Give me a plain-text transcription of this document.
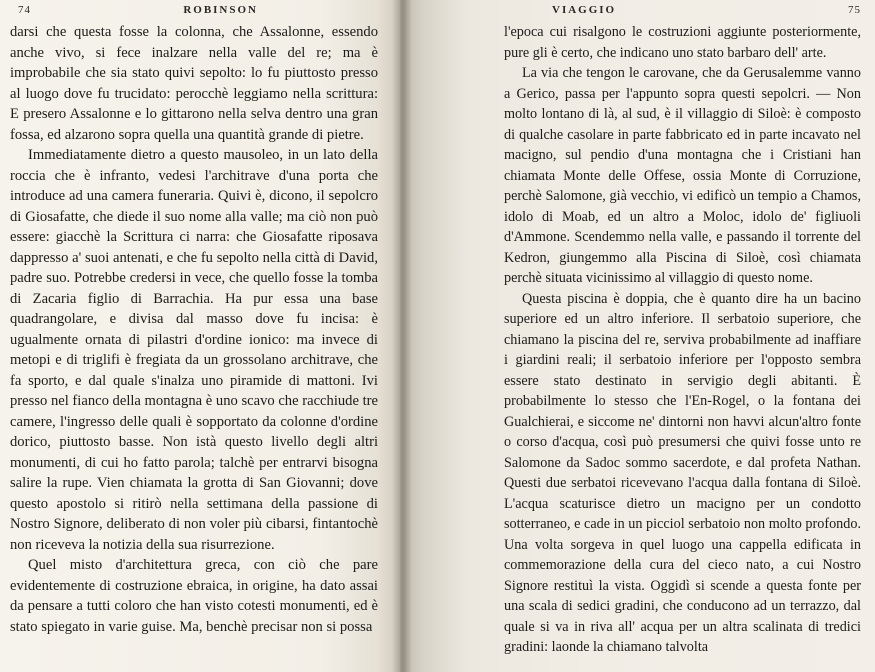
74	ROBINSON

darsi che questa fosse la colonna, che Assalonne, essendo anche vivo, si fece inalzare nella valle del re; ma è improbabile che sia stato quivi sepolto: lo fu piuttosto presso al luogo dove fu trucidato: perocchè leggiamo nella scrittura: E presero Assalonne e lo gittarono nella selva dentro una gran fossa, ed alzarono sopra quella una quantità grande di pietre.

Immediatamente dietro a questo mausoleo, in un lato della roccia che è infranto, vedesi l'architrave d'una porta che introduce ad una camera funeraria. Quivi è, dicono, il sepolcro di Giosafatte, che diede il suo nome alla valle; ma ciò non può essere: giacchè la Scrittura ci narra: che Giosafatte riposava dappresso a' suoi antenati, e che fu sepolto nella città di David, padre suo. Potrebbe credersi in vece, che quello fosse la tomba di Zacaria figlio di Barrachia. Ha pur essa una base quadrangolare, e divisa dal masso dove fu incisa: è ugualmente ornata di pilastri d'ordine ionico: ma invece di metopi e di triglifi è fregiata da un grossolano architrave, che fa sporto, e dal quale s'inalza uno piramide di mattoni. Ivi presso nel fianco della montagna è uno scavo che racchiude tre camere, l'ingresso delle quali è sopportato da colonne d'ordine dorico, piuttosto basse. Non istà questo livello degli altri monumenti, di cui ho fatto parola; talchè per entrarvi bisogna salire la rupe. Vien chiamata la grotta di San Giovanni; dove questo apostolo si ritirò nella settimana della passione di Nostro Signore, deliberato di non voler più cibarsi, fintantochè non riceveva la notizia della sua risurrezione.

Quel misto d'architettura greca, con ciò che pare evidentemente di costruzione ebraica, in origine, ha dato assai da pensare a tutti coloro che han visto cotesti monumenti, ed è stato spiegato in varie guise. Ma, benchè precisar non si possa

VIAGGIO	75

l'epoca cui risalgono le costruzioni aggiunte posteriormente, pure gli è certo, che indicano uno stato barbaro dell' arte.

La via che tengon le carovane, che da Gerusalemme vanno a Gerico, passa per l'appunto sopra questi sepolcri. — Non molto lontano di là, al sud, è il villaggio di Siloè: è composto di qualche casolare in parte fabbricato ed in parte incavato nel macigno, sul pendio d'una montagna che i Cristiani han chiamata Monte delle Offese, ossia Monte di Corruzione, perchè Salomone, già vecchio, vi edificò un tempio a Chamos, idolo di Moab, ed un altro a Moloc, idolo de' figliuoli d'Ammone. Scendemmo nella valle, e passando il torrente del Kedron, giungemmo alla Piscina di Siloè, così chiamata perchè situata vicinissimo al villaggio di questo nome.

Questa piscina è doppia, che è quanto dire ha un bacino superiore ed un altro inferiore. Il serbatoio superiore, che chiamano la piscina del re, serviva probabilmente ad inaffiare i giardini reali; il serbatoio inferiore per l'opposto sembra essere stato destinato in servigio degli abitanti. È probabilmente lo stesso che l'En-Rogel, o la fontana dei Gualchierai, e siccome ne' dintorni non havvi alcun'altro fonte o corso d'acqua, così può presumersi che quivi fosse unto re Salomone da Sadoc sommo sacerdote, e dal profeta Nathan. Questi due serbatoi ricevevano l'acqua dalla fontana di Siloè. L'acqua scaturisce dietro un macigno per un condotto sotterraneo, e cade in un picciol serbatoio non molto profondo. Una volta sorgeva in quel luogo una cappella edificata in commemorazione della cura del cieco nato, a cui Nostro Signore restituì la vista. Oggidì si scende a questa fonte per una scala di sedici gradini, che conducono ad un terrazzo, dal quale si va in riva all' acqua per un altra scalinata di tredici gradini: laonde la chiamano talvolta
